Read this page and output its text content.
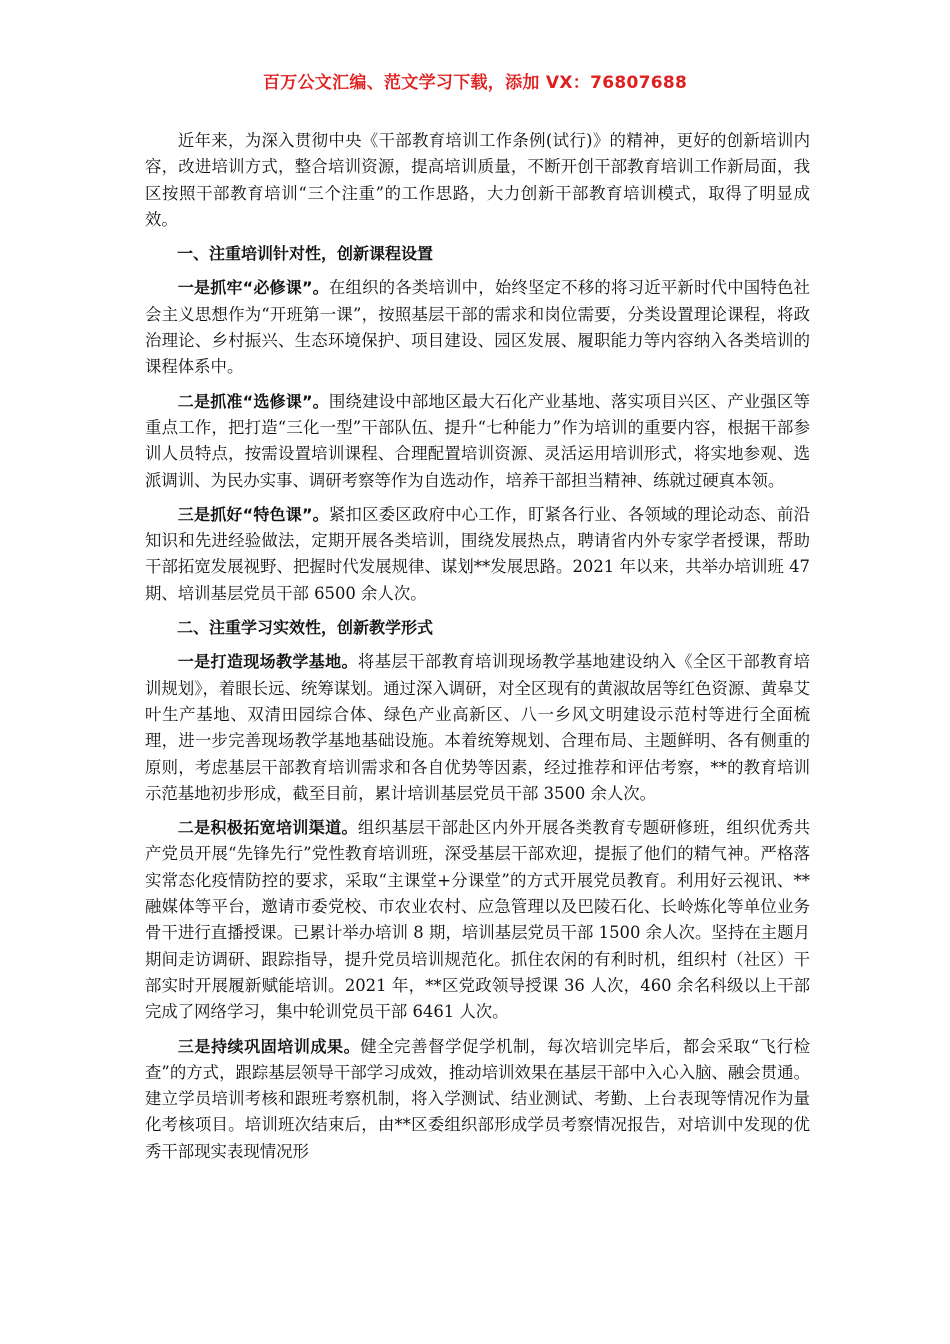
百万公文汇编、范文学习下载，添加 VX：76807688

近年来，为深入贯彻中央《干部教育培训工作条例(试行)》的精神，更好的创新培训内容，改进培训方式，整合培训资源，提高培训质量，不断开创干部教育培训工作新局面，我区按照干部教育培训“三个注重”的工作思路，大力创新干部教育培训模式，取得了明显成效。

一、注重培训针对性，创新课程设置

一是抓牢“必修课”。在组织的各类培训中，始终坚定不移的将习近平新时代中国特色社会主义思想作为“开班第一课”，按照基层干部的需求和岗位需要，分类设置理论课程，将政治理论、乡村振兴、生态环境保护、项目建设、园区发展、履职能力等内容纳入各类培训的课程体系中。

二是抓准“选修课”。围绕建设中部地区最大石化产业基地、落实项目兴区、产业强区等重点工作，把打造“三化一型”干部队伍、提升“七种能力”作为培训的重要内容，根据干部参训人员特点，按需设置培训课程、合理配置培训资源、灵活运用培训形式，将实地参观、选派调训、为民办实事、调研考察等作为自选动作，培养干部担当精神、练就过硬真本领。

三是抓好“特色课”。紧扣区委区政府中心工作，盯紧各行业、各领域的理论动态、前沿知识和先进经验做法，定期开展各类培训，围绕发展热点，聘请省内外专家学者授课，帮助干部拓宽发展视野、把握时代发展规律、谋划**发展思路。2021 年以来，共举办培训班 47 期、培训基层党员干部 6500 余人次。

二、注重学习实效性，创新教学形式

一是打造现场教学基地。将基层干部教育培训现场教学基地建设纳入《全区干部教育培训规划》，着眼长远、统筹谋划。通过深入调研，对全区现有的黄淑故居等红色资源、黄皋艾叶生产基地、双清田园综合体、绿色产业高新区、八一乡风文明建设示范村等进行全面梳理，进一步完善现场教学基地基础设施。本着统筹规划、合理布局、主题鲜明、各有侧重的原则，考虑基层干部教育培训需求和各自优势等因素，经过推荐和评估考察，**的教育培训示范基地初步形成，截至目前，累计培训基层党员干部 3500 余人次。

二是积极拓宽培训渠道。组织基层干部赴区内外开展各类教育专题研修班，组织优秀共产党员开展“先锋先行”党性教育培训班，深受基层干部欢迎，提振了他们的精气神。严格落实常态化疫情防控的要求，采取“主课堂+分课堂”的方式开展党员教育。利用好云视讯、**融媒体等平台，邀请市委党校、市农业农村、应急管理以及巴陵石化、长岭炼化等单位业务骨干进行直播授课。已累计举办培训 8 期，培训基层党员干部 1500 余人次。坚持在主题月期间走访调研、跟踪指导，提升党员培训规范化。抓住农闲的有利时机，组织村（社区）干部实时开展履新赋能培训。2021 年，**区党政领导授课 36 人次，460 余名科级以上干部完成了网络学习，集中轮训党员干部 6461 人次。

三是持续巩固培训成果。健全完善督学促学机制，每次培训完毕后，都会采取“飞行检查”的方式，跟踪基层领导干部学习成效，推动培训效果在基层干部中入心入脑、融会贯通。建立学员培训考核和跟班考察机制，将入学测试、结业测试、考勤、上台表现等情况作为量化考核项目。培训班次结束后，由**区委组织部形成学员考察情况报告，对培训中发现的优秀干部现实表现情况形
